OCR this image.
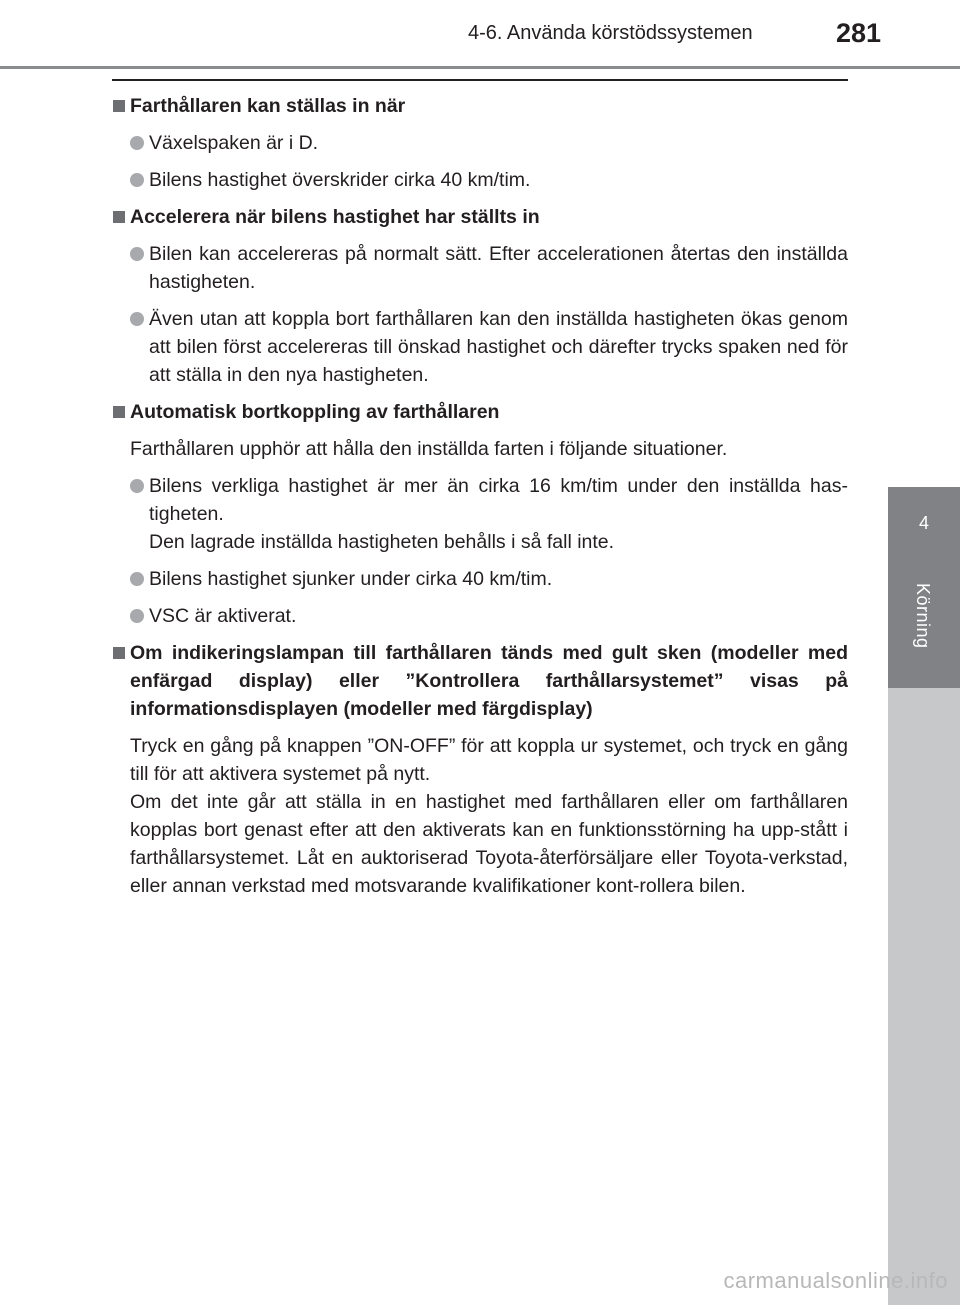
4-6. Använda körstödssystemen	281
4
Körning
Farthållaren kan ställas in när
Växelspaken är i D.
Bilens hastighet överskrider cirka 40 km/tim.
Accelerera när bilens hastighet har ställts in
Bilen kan accelereras på normalt sätt. Efter accelerationen återtas den inställda hastigheten.
Även utan att koppla bort farthållaren kan den inställda hastigheten ökas genom att bilen först accelereras till önskad hastighet och därefter trycks spaken ned för att ställa in den nya hastigheten.
Automatisk bortkoppling av farthållaren
Farthållaren upphör att hålla den inställda farten i följande situationer.
Bilens verkliga hastighet är mer än cirka 16 km/tim under den inställda has-tigheten.
Den lagrade inställda hastigheten behålls i så fall inte.
Bilens hastighet sjunker under cirka 40 km/tim.
VSC är aktiverat.
Om indikeringslampan till farthållaren tänds med gult sken (modeller med enfärgad display) eller ”Kontrollera farthållarsystemet” visas på informationsdisplayen (modeller med färgdisplay)
Tryck en gång på knappen ”ON-OFF” för att koppla ur systemet, och tryck en gång till för att aktivera systemet på nytt.
Om det inte går att ställa in en hastighet med farthållaren eller om farthållaren kopplas bort genast efter att den aktiverats kan en funktionsstörning ha upp-stått i farthållarsystemet. Låt en auktoriserad Toyota-återförsäljare eller Toyota-verkstad, eller annan verkstad med motsvarande kvalifikationer kont-rollera bilen.
carmanualsonline.info
